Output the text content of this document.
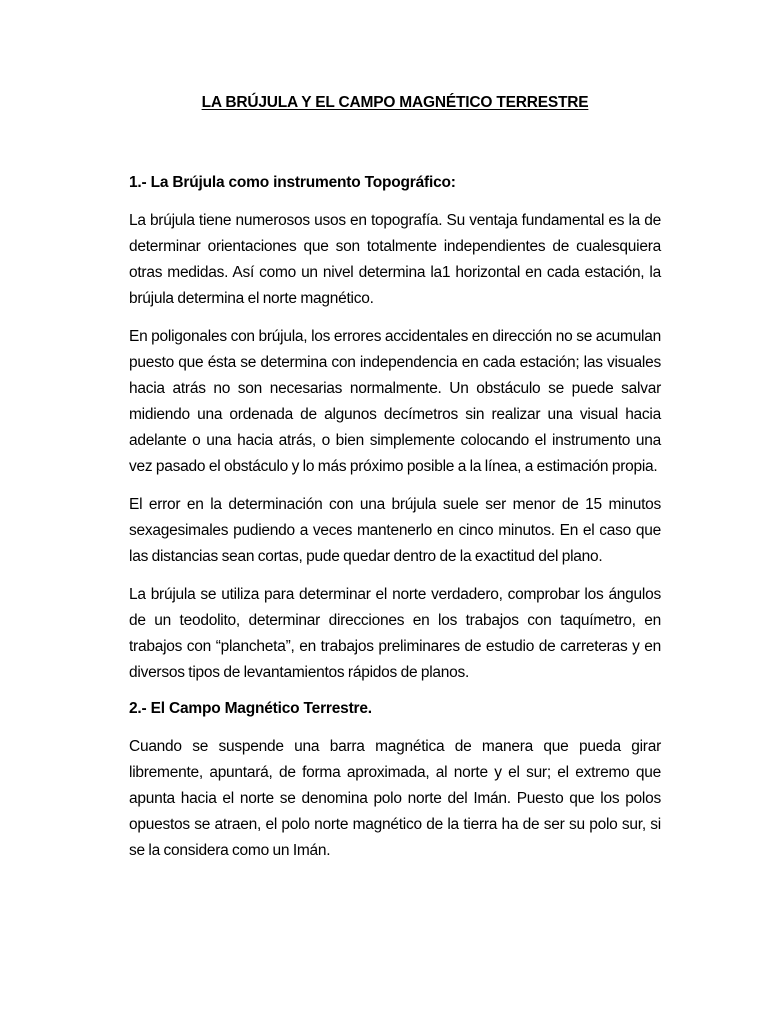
LA BRÚJULA Y EL CAMPO MAGNÉTICO TERRESTRE
1.- La Brújula como instrumento Topográfico:

La brújula tiene numerosos usos en topografía. Su ventaja fundamental es la de determinar orientaciones que son totalmente independientes de cualesquiera otras medidas. Así como un nivel determina la1 horizontal en cada estación, la brújula determina el norte magnético.

En poligonales con brújula, los errores accidentales en dirección no se acumulan puesto que ésta se determina con independencia en cada estación; las visuales hacia atrás no son necesarias normalmente. Un obstáculo se puede salvar midiendo una ordenada de algunos decímetros sin realizar una visual hacia adelante o una hacia atrás, o bien simplemente colocando el instrumento una vez pasado el obstáculo y lo más próximo posible a la línea, a estimación propia.

El error en la determinación con una brújula suele ser menor de 15 minutos sexagesimales pudiendo a veces mantenerlo en cinco minutos. En el caso que las distancias sean cortas, pude quedar dentro de la exactitud del plano.

La brújula se utiliza para determinar el norte verdadero, comprobar los ángulos de un teodolito, determinar direcciones en los trabajos con taquímetro, en trabajos con “plancheta”, en trabajos preliminares de estudio de carreteras y en diversos tipos de levantamientos rápidos de planos.

2.- El Campo Magnético Terrestre.

Cuando se suspende una barra magnética de manera que pueda girar libremente, apuntará, de forma aproximada, al norte y el sur; el extremo que apunta hacia el norte se denomina polo norte del Imán. Puesto que los polos opuestos se atraen, el polo norte magnético de la tierra ha de ser su polo sur, si se la considera como un Imán.
